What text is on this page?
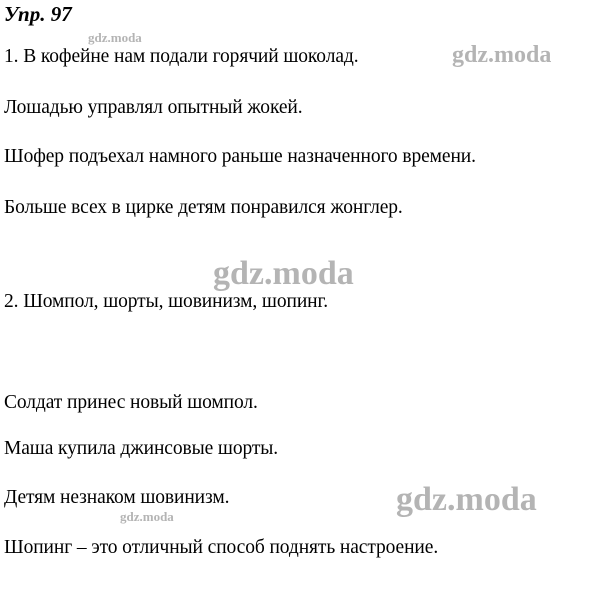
Упр. 97
gdz.moda
gdz.moda
gdz.moda
gdz.moda
gdz.moda
1. В кофейне нам подали горячий шоколад.
Лошадью управлял опытный жокей.
Шофер подъехал намного раньше назначенного времени.
Больше всех в цирке детям понравился жонглер.
2. Шомпол, шорты, шовинизм, шопинг.
Солдат принес новый шомпол.
Маша купила джинсовые шорты.
Детям незнаком шовинизм.
Шопинг – это отличный способ поднять настроение.
